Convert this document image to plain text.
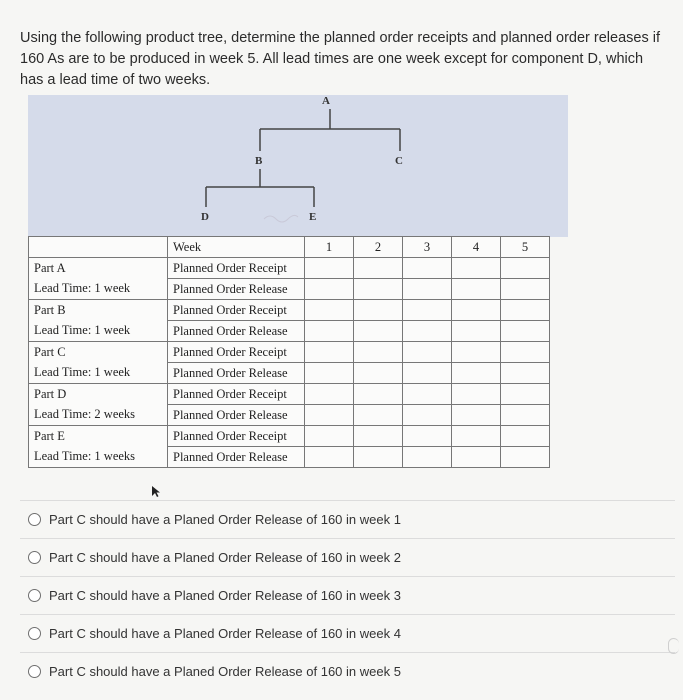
Using the following product tree, determine the planned order receipts and planned order releases if 160 As are to be produced in week 5. All lead times are one week except for component D, which has a lead time of two weeks.
A
B	C
D	E
	Week	1	2	3	4	5
Part A	Planned Order Receipt					
Lead Time: 1 week	Planned Order Release					
Part B	Planned Order Receipt					
Lead Time: 1 week	Planned Order Release					
Part C	Planned Order Receipt					
Lead Time: 1 week	Planned Order Release					
Part D	Planned Order Receipt					
Lead Time: 2 weeks	Planned Order Release					
Part E	Planned Order Receipt					
Lead Time: 1 weeks	Planned Order Release					
Part C should have a Planed Order Release of 160 in week 1
Part C should have a Planed Order Release of 160 in week 2
Part C should have a Planed Order Release of 160 in week 3
Part C should have a Planed Order Release of 160 in week 4
Part C should have a Planed Order Release of 160 in week 5
